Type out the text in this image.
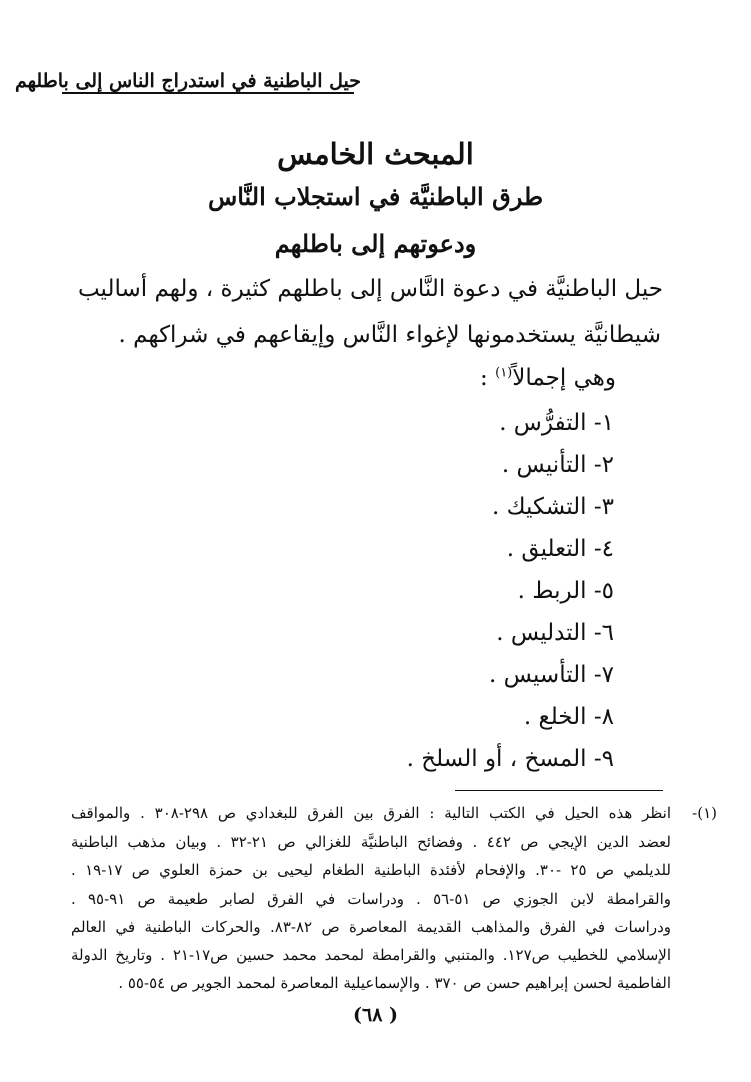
حيل الباطنية في استدراج الناس إلى باطلهم
المبحث الخامس
طرق الباطنيَّة في استجلاب النَّاس
ودعوتهم إلى باطلهم
حيل الباطنيَّة في دعوة النَّاس إلى باطلهم كثيرة ، ولهم أساليب
شيطانيَّة يستخدمونها لإغواء النَّاس وإيقاعهم في شراكهم .
وهي إجمالاً$^{(١)}$ :
١- التفرُّس .
٢- التأنيس .
٣- التشكيك .
٤- التعليق .
٥- الربط .
٦- التدليس .
٧- التأسيس .
٨- الخلع .
٩- المسخ ، أو السلخ .
(١)-
انظر هذه الحيل في الكتب التالية : الفرق بين الفرق للبغدادي ص ٢٩٨-٣٠٨ . والمواقف
لعضد الدين الإيجي ص ٤٤٢ . وفضائح الباطنيَّة للغزالي ص ٢١-٣٢ . وبيان مذهب الباطنية
للديلمي ص ٢٥ -٣٠. والإفحام لأفئدة الباطنية الطغام ليحيى بن حمزة العلوي ص ١٧-١٩ .
والقرامطة لابن الجوزي ص ٥١-٥٦ . ودراسات في الفرق لصابر طعيمة ص ٩١-٩٥ .
ودراسات في الفرق والمذاهب القديمة المعاصرة ص ٨٢-٨٣. والحركات الباطنية في العالم
الإسلامي للخطيب ص١٢٧. والمتنبي والقرامطة لمحمد محمد حسين ص١٧-٢١ . وتاريخ الدولة
الفاطمية لحسن إبراهيم حسن ص ٣٧٠ . والإسماعيلية المعاصرة لمحمد الجوير ص ٥٤-٥٥ .
( ٦٨)
